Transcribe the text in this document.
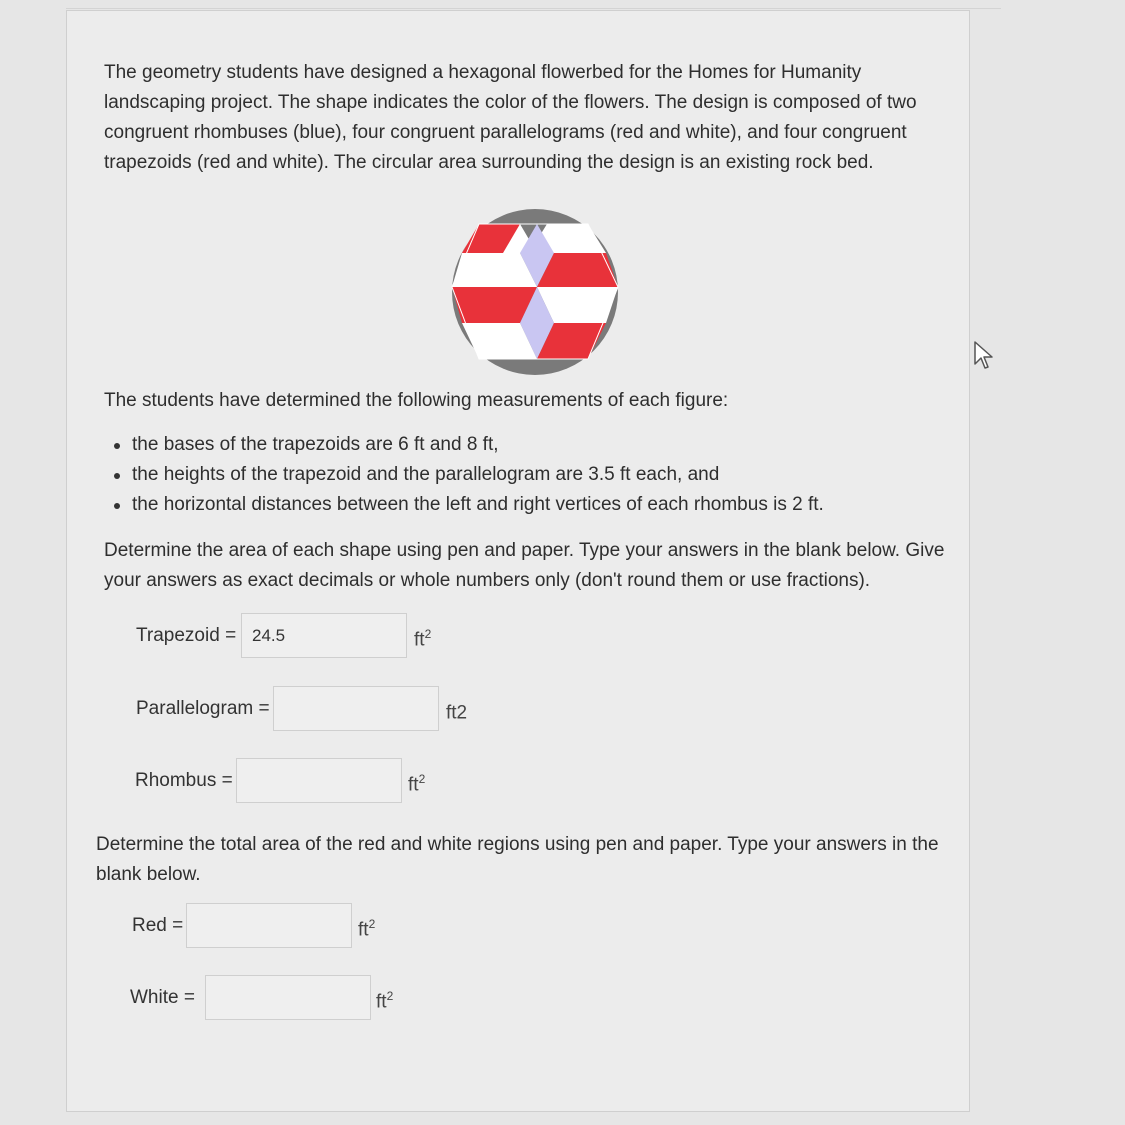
The geometry students have designed a hexagonal flowerbed for the Homes for Humanity landscaping project. The shape indicates the color of the flowers. The design is composed of two congruent rhombuses (blue), four congruent parallelograms (red and white), and four congruent trapezoids (red and white). The circular area surrounding the design is an existing rock bed.

The students have determined the following measurements of each figure:

the bases of the trapezoids are 6 ft and 8 ft,
the heights of the trapezoid and the parallelogram are 3.5 ft each, and
the horizontal distances between the left and right vertices of each rhombus is 2 ft.

Determine the area of each shape using pen and paper. Type your answers in the blank below. Give your answers as exact decimals or whole numbers only (don't round them or use fractions).

Trapezoid =
24.5	$ft^2$
Parallelogram =	ft2
Rhombus =	$ft^2$

Determine the total area of the red and white regions using pen and paper. Type your answers in the blank below.

Red =	$ft^2$
White =	$ft^2$
